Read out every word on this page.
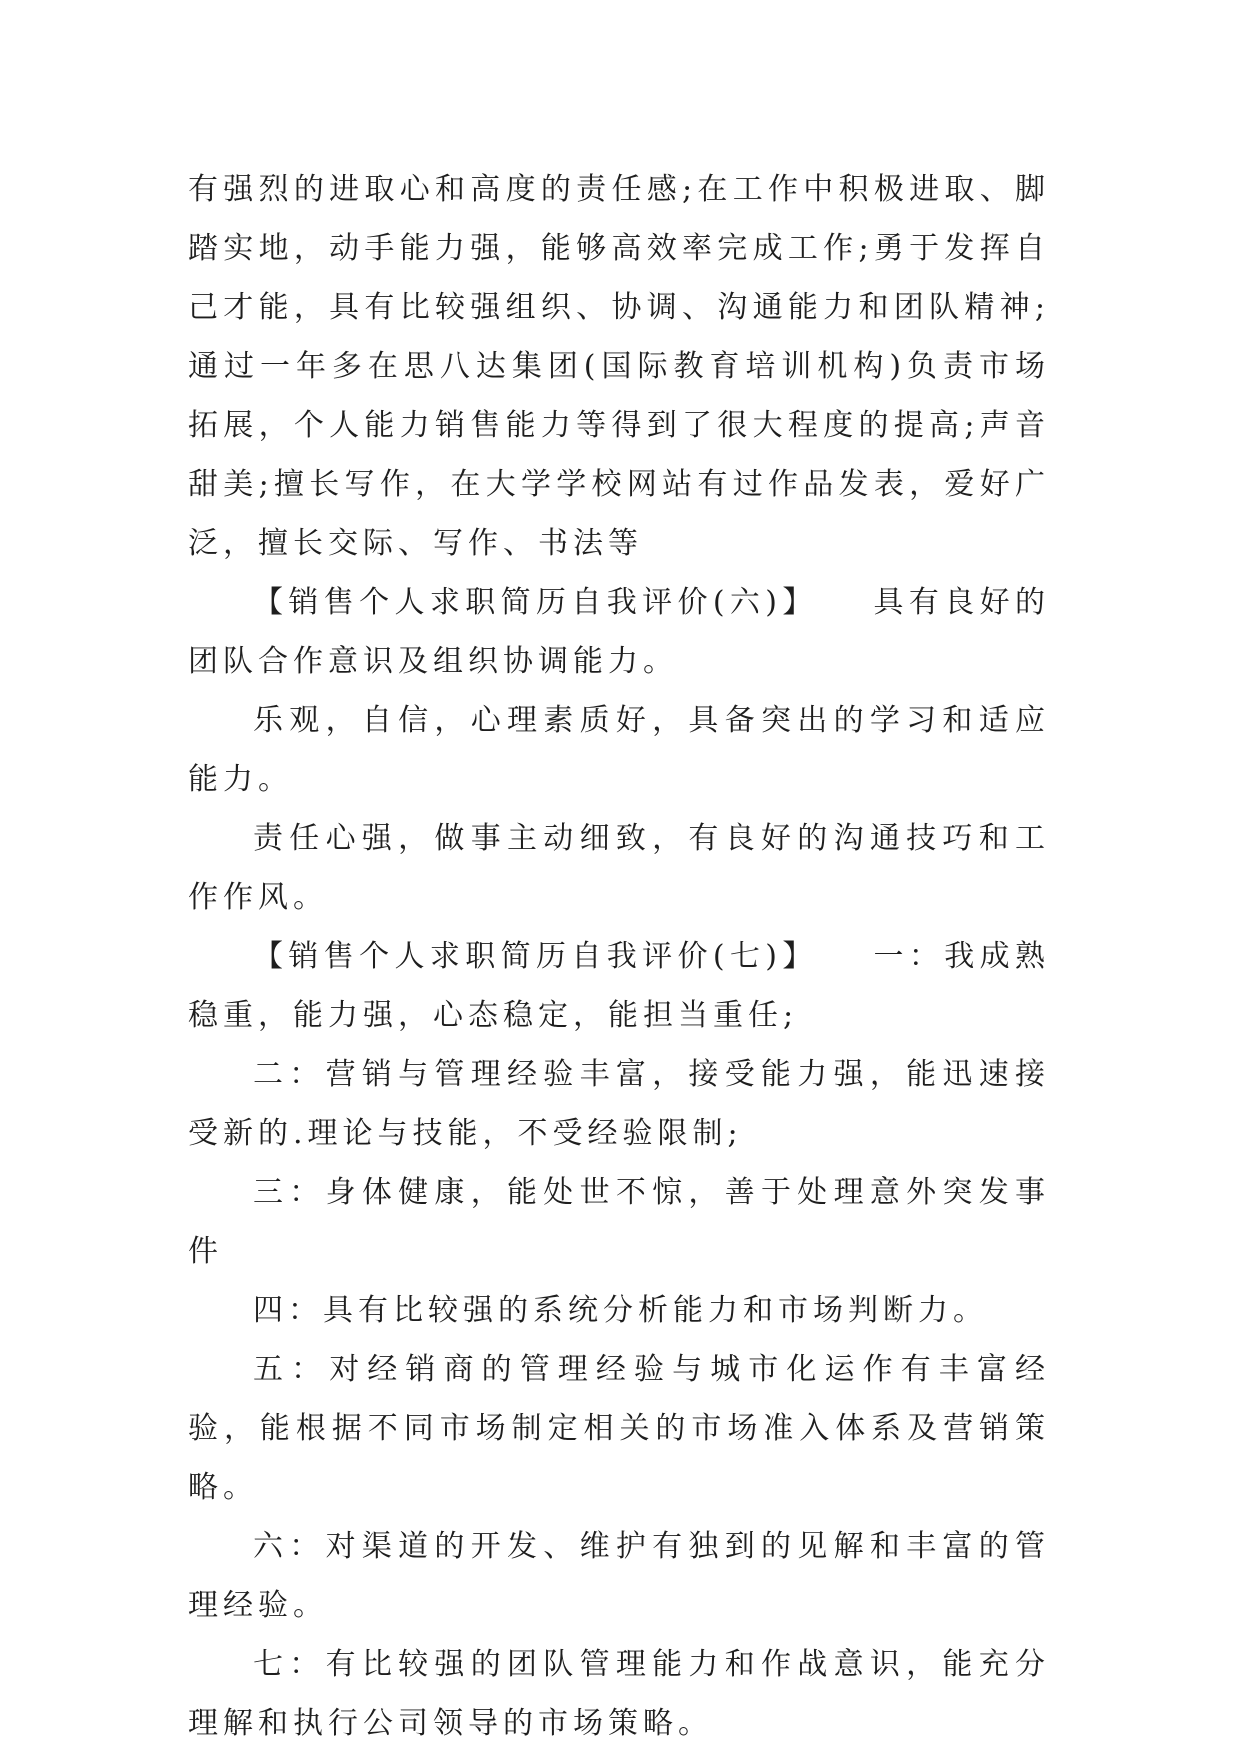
有强烈的进取心和高度的责任感;在工作中积极进取、脚踏实地，动手能力强，能够高效率完成工作;勇于发挥自己才能，具有比较强组织、协调、沟通能力和团队精神;通过一年多在思八达集团(国际教育培训机构)负责市场拓展，个人能力销售能力等得到了很大程度的提高;声音甜美;擅长写作，在大学学校网站有过作品发表，爱好广泛，擅长交际、写作、书法等

【销售个人求职简历自我评价(六)】　　具有良好的团队合作意识及组织协调能力。

乐观，自信，心理素质好，具备突出的学习和适应能力。

责任心强，做事主动细致，有良好的沟通技巧和工作作风。

【销售个人求职简历自我评价(七)】　　一：我成熟稳重，能力强，心态稳定，能担当重任;

二：营销与管理经验丰富，接受能力强，能迅速接受新的.理论与技能，不受经验限制;

三：身体健康，能处世不惊，善于处理意外突发事件

四：具有比较强的系统分析能力和市场判断力。

五：对经销商的管理经验与城市化运作有丰富经验，能根据不同市场制定相关的市场准入体系及营销策略。

六：对渠道的开发、维护有独到的见解和丰富的管理经验。

七：有比较强的团队管理能力和作战意识，能充分理解和执行公司领导的市场策略。
